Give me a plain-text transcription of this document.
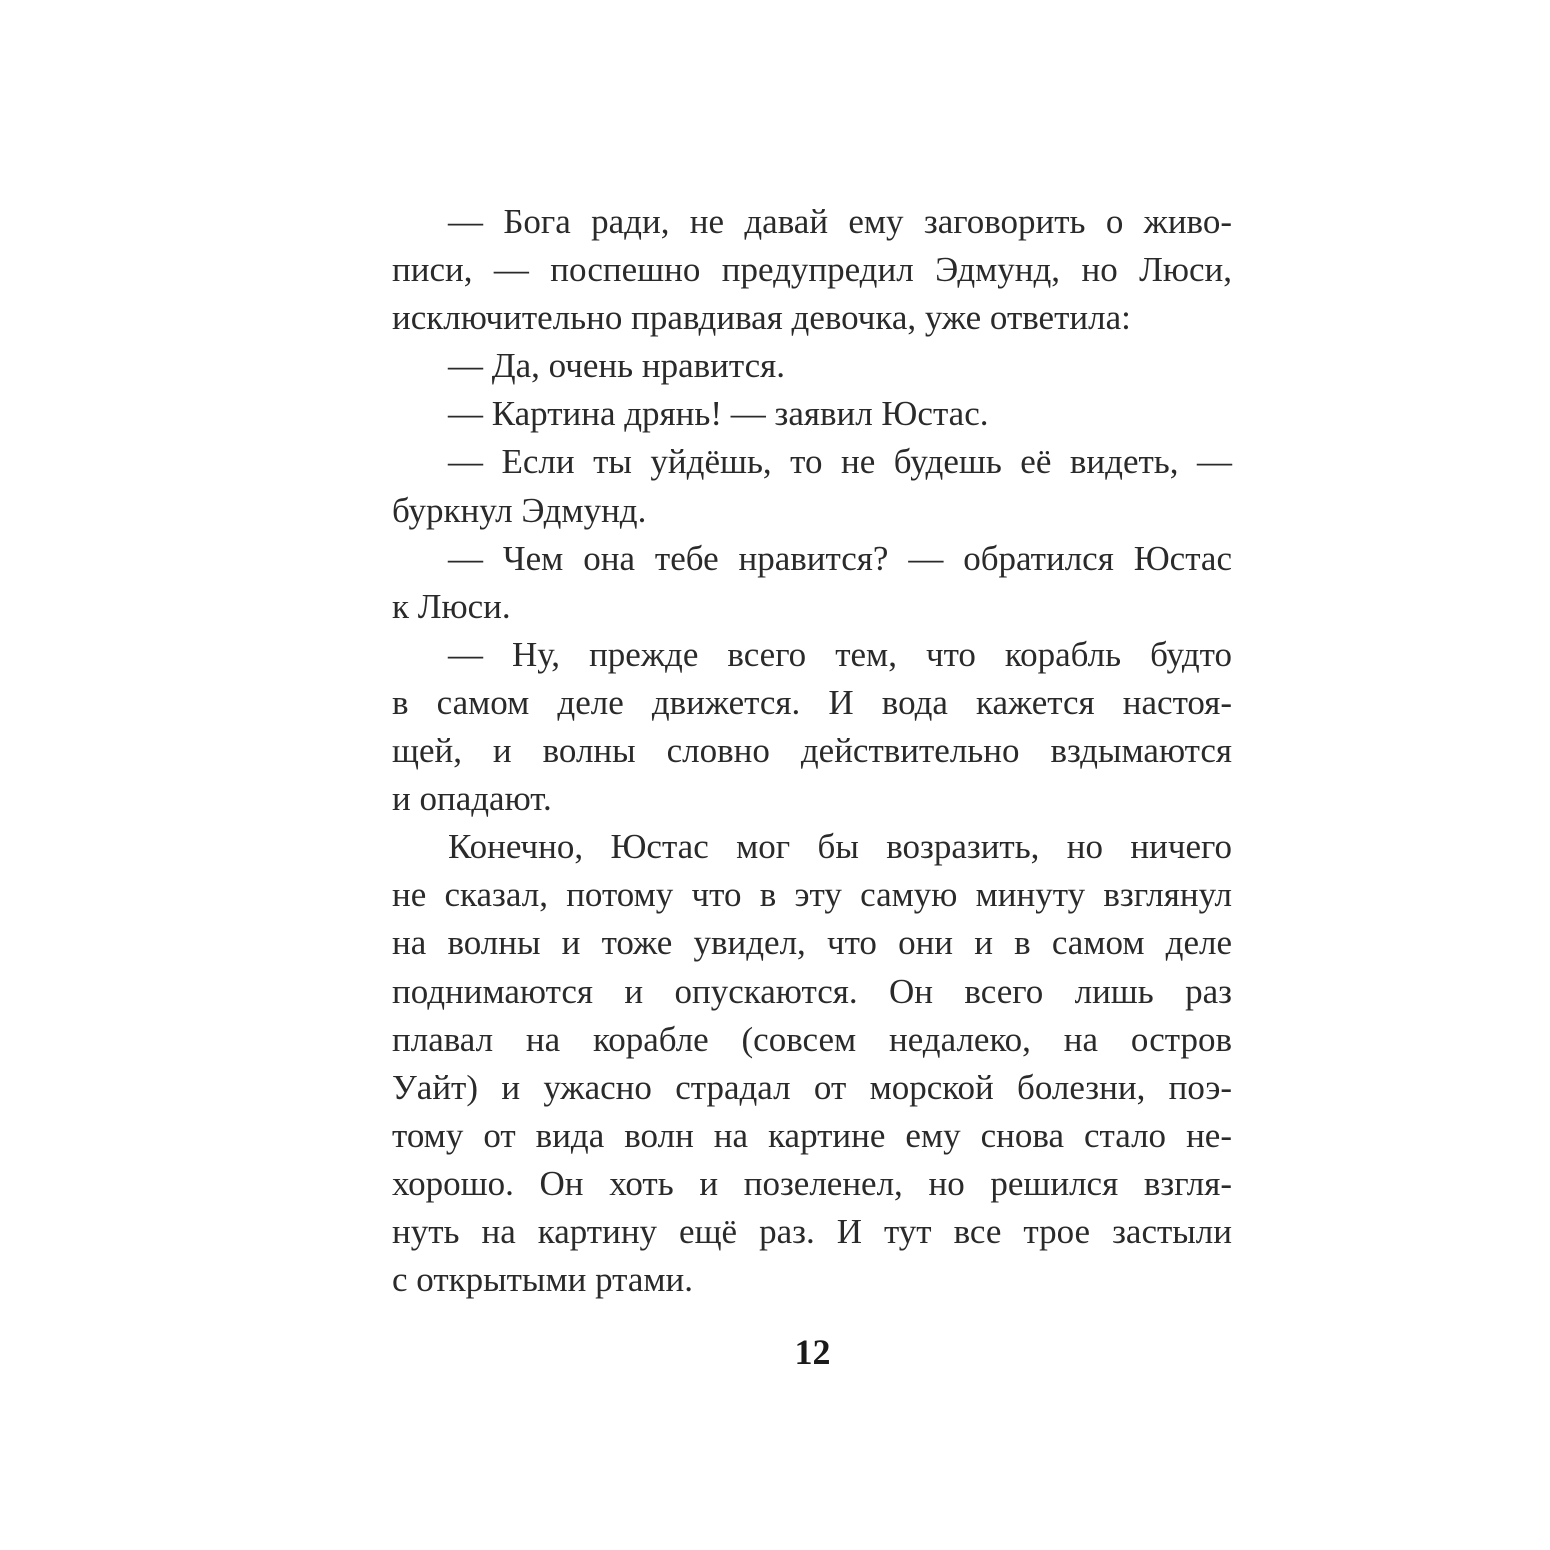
— Бога ради, не давай ему заговорить о живо-
писи, — поспешно предупредил Эдмунд, но Люси,
исключительно правдивая девочка, уже ответила:
— Да, очень нравится.
— Картина дрянь! — заявил Юстас.
— Если ты уйдёшь, то не будешь её видеть, —
буркнул Эдмунд.
— Чем она тебе нравится? — обратился Юстас
к Люси.
— Ну, прежде всего тем, что корабль будто
в самом деле движется. И вода кажется настоя-
щей, и волны словно действительно вздымаются
и опадают.
Конечно, Юстас мог бы возразить, но ничего
не сказал, потому что в эту самую минуту взглянул
на волны и тоже увидел, что они и в самом деле
поднимаются и опускаются. Он всего лишь раз
плавал на корабле (совсем недалеко, на остров
Уайт) и ужасно страдал от морской болезни, поэ-
тому от вида волн на картине ему снова стало не-
хорошо. Он хоть и позеленел, но решился взгля-
нуть на картину ещё раз. И тут все трое застыли
с открытыми ртами.
12
